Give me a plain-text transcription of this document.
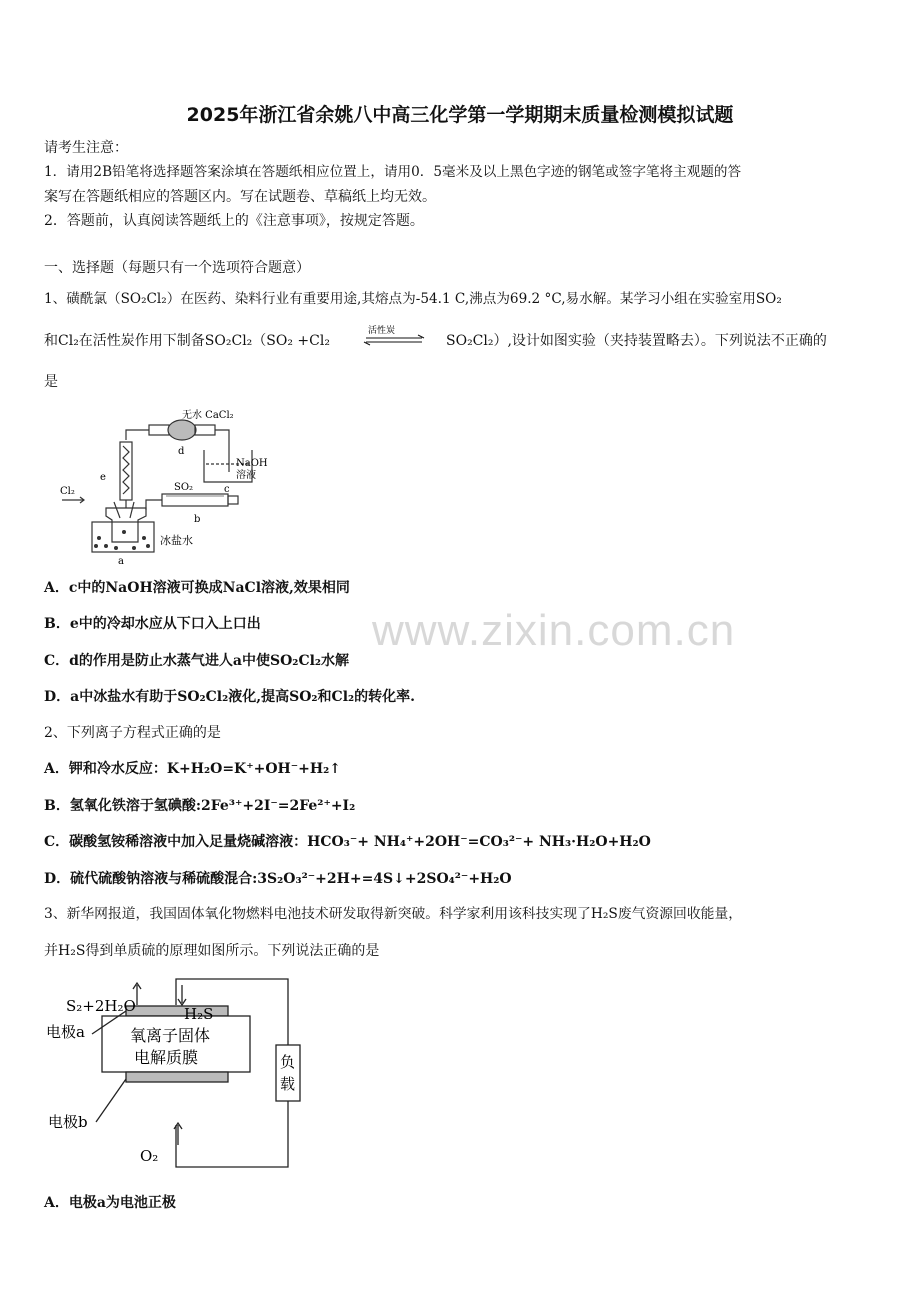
2025年浙江省余姚八中高三化学第一学期期末质量检测模拟试题
请考生注意：
1．请用2B铅笔将选择题答案涂填在答题纸相应位置上，请用0．5毫米及以上黑色字迹的钢笔或签字笔将主观题的答
案写在答题纸相应的答题区内。写在试题卷、草稿纸上均无效。
2．答题前，认真阅读答题纸上的《注意事项》，按规定答题。
一、选择题（每题只有一个选项符合题意）
1、磺酰氯（SO₂Cl₂）在医药、染料行业有重要用途,其熔点为-54.1 C,沸点为69.2 °C,易水解。某学习小组在实验室用SO₂
和Cl₂在活性炭作用下制备SO₂Cl₂（SO₂ +Cl₂
活性炭
SO₂Cl₂）,设计如图实验（夹持装置略去）。下列说法不正确的
是
无水 CaCl₂
d
NaOH
溶液
c
e
Cl₂	SO₂
b
冰盐水
a
A．c中的NaOH溶液可换成NaCl溶液,效果相同
B．e中的冷却水应从下口入上口出
C．d的作用是防止水蒸气进人a中使SO₂Cl₂水解
D．a中冰盐水有助于SO₂Cl₂液化,提高SO₂和Cl₂的转化率.
www.zixin.com.cn
2、下列离子方程式正确的是
A．钾和冷水反应：K+H₂O=K⁺+OH⁻+H₂↑
B．氢氧化铁溶于氢碘酸:2Fe³⁺+2I⁻=2Fe²⁺+I₂
C．碳酸氢铵稀溶液中加入足量烧碱溶液：HCO₃⁻+ NH₄⁺+2OH⁻=CO₃²⁻+ NH₃·H₂O+H₂O
D．硫代硫酸钠溶液与稀硫酸混合:3S₂O₃²⁻+2H+=4S↓+2SO₄²⁻+H₂O
3、新华网报道，我国固体氧化物燃料电池技术研发取得新突破。科学家利用该科技实现了H₂S废气资源回收能量，
并H₂S得到单质硫的原理如图所示。下列说法正确的是
S₂+2H₂O	H₂S
电极a	氧离子固体
电解质膜	负
载
电极b
O₂
A．电极a为电池正极
